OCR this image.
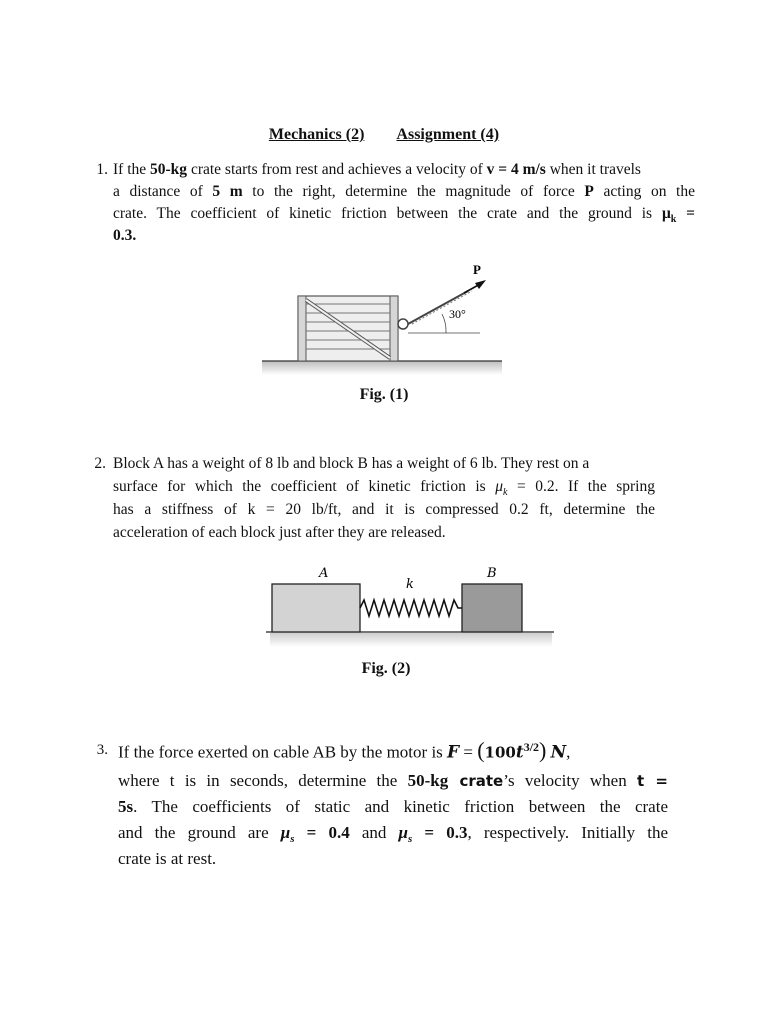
Mechanics (2) Assignment (4)
1. If the 50-kg crate starts from rest and achieves a velocity of v = 4 m/s when it travels
a distance of 5 m to the right, determine the magnitude of force P acting on the
crate. The coefficient of kinetic friction between the crate and the ground is $\mu_k$ =
0.3.
P
30°
Fig. (1)
2. Block A has a weight of 8 lb and block B has a weight of 6 lb. They rest on a
surface for which the coefficient of kinetic friction is $\mu_k = 0.2$. If the spring
has a stiffness of k = 20 lb/ft, and it is compressed 0.2 ft, determine the
acceleration of each block just after they are released.
A
k
B
Fig. (2)
3. If the force exerted on cable AB by the motor is $F = (100t^{3/2})$ N,
where t is in seconds, determine the 50-kg crate’s velocity when t =
5s. The coefficients of static and kinetic friction between the crate
and the ground are $\mu_s = 0.4$ and $\mu_s = 0.3$, respectively. Initially the
crate is at rest.
